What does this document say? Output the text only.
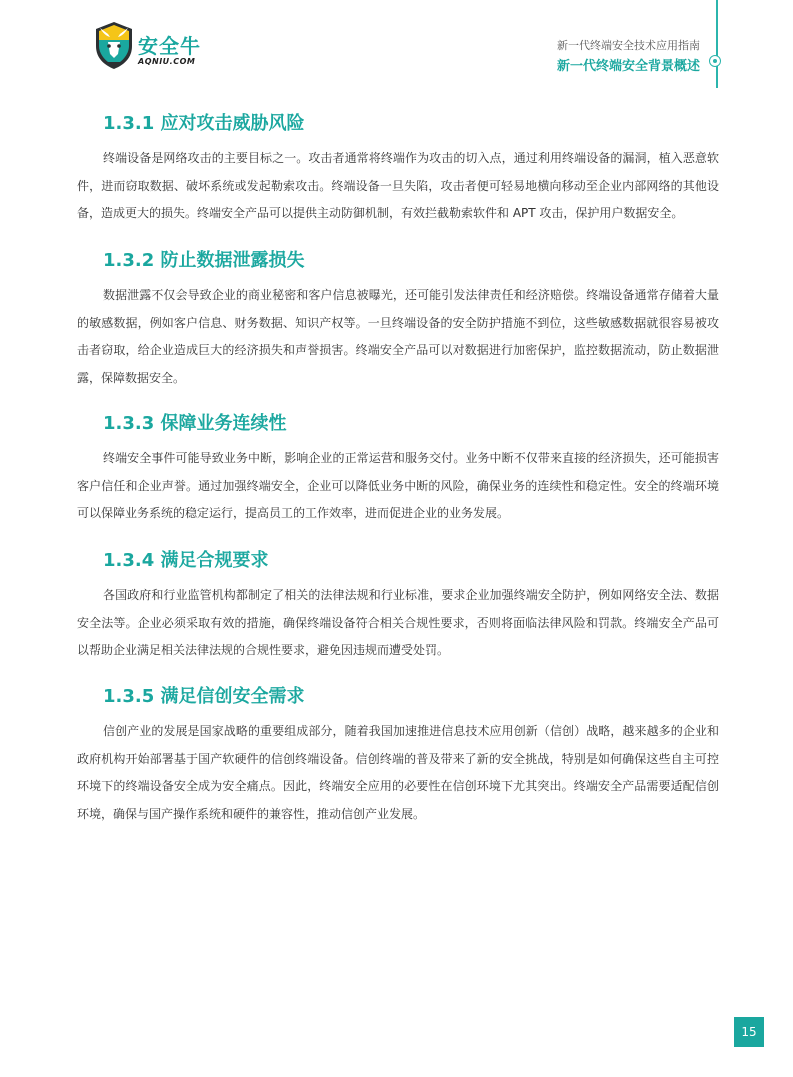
安全牛
AQNIU.COM
新一代终端安全技术应用指南
新一代终端安全背景概述
1.3.1 应对攻击威胁风险

终端设备是网络攻击的主要目标之一。攻击者通常将终端作为攻击的切入点，通过利用终端设备的漏洞，植入恶意软件，进而窃取数据、破坏系统或发起勒索攻击。终端设备一旦失陷，攻击者便可轻易地横向移动至企业内部网络的其他设备，造成更大的损失。终端安全产品可以提供主动防御机制，有效拦截勒索软件和 APT 攻击，保护用户数据安全。

1.3.2 防止数据泄露损失

数据泄露不仅会导致企业的商业秘密和客户信息被曝光，还可能引发法律责任和经济赔偿。终端设备通常存储着大量的敏感数据，例如客户信息、财务数据、知识产权等。一旦终端设备的安全防护措施不到位，这些敏感数据就很容易被攻击者窃取，给企业造成巨大的经济损失和声誉损害。终端安全产品可以对数据进行加密保护，监控数据流动，防止数据泄露，保障数据安全。

1.3.3 保障业务连续性

终端安全事件可能导致业务中断，影响企业的正常运营和服务交付。业务中断不仅带来直接的经济损失，还可能损害客户信任和企业声誉。通过加强终端安全，企业可以降低业务中断的风险，确保业务的连续性和稳定性。安全的终端环境可以保障业务系统的稳定运行，提高员工的工作效率，进而促进企业的业务发展。

1.3.4 满足合规要求

各国政府和行业监管机构都制定了相关的法律法规和行业标准，要求企业加强终端安全防护，例如网络安全法、数据安全法等。企业必须采取有效的措施，确保终端设备符合相关合规性要求，否则将面临法律风险和罚款。终端安全产品可以帮助企业满足相关法律法规的合规性要求，避免因违规而遭受处罚。

1.3.5 满足信创安全需求

信创产业的发展是国家战略的重要组成部分，随着我国加速推进信息技术应用创新（信创）战略，越来越多的企业和政府机构开始部署基于国产软硬件的信创终端设备。信创终端的普及带来了新的安全挑战，特别是如何确保这些自主可控环境下的终端设备安全成为安全痛点。因此，终端安全应用的必要性在信创环境下尤其突出。终端安全产品需要适配信创环境，确保与国产操作系统和硬件的兼容性，推动信创产业发展。

15
